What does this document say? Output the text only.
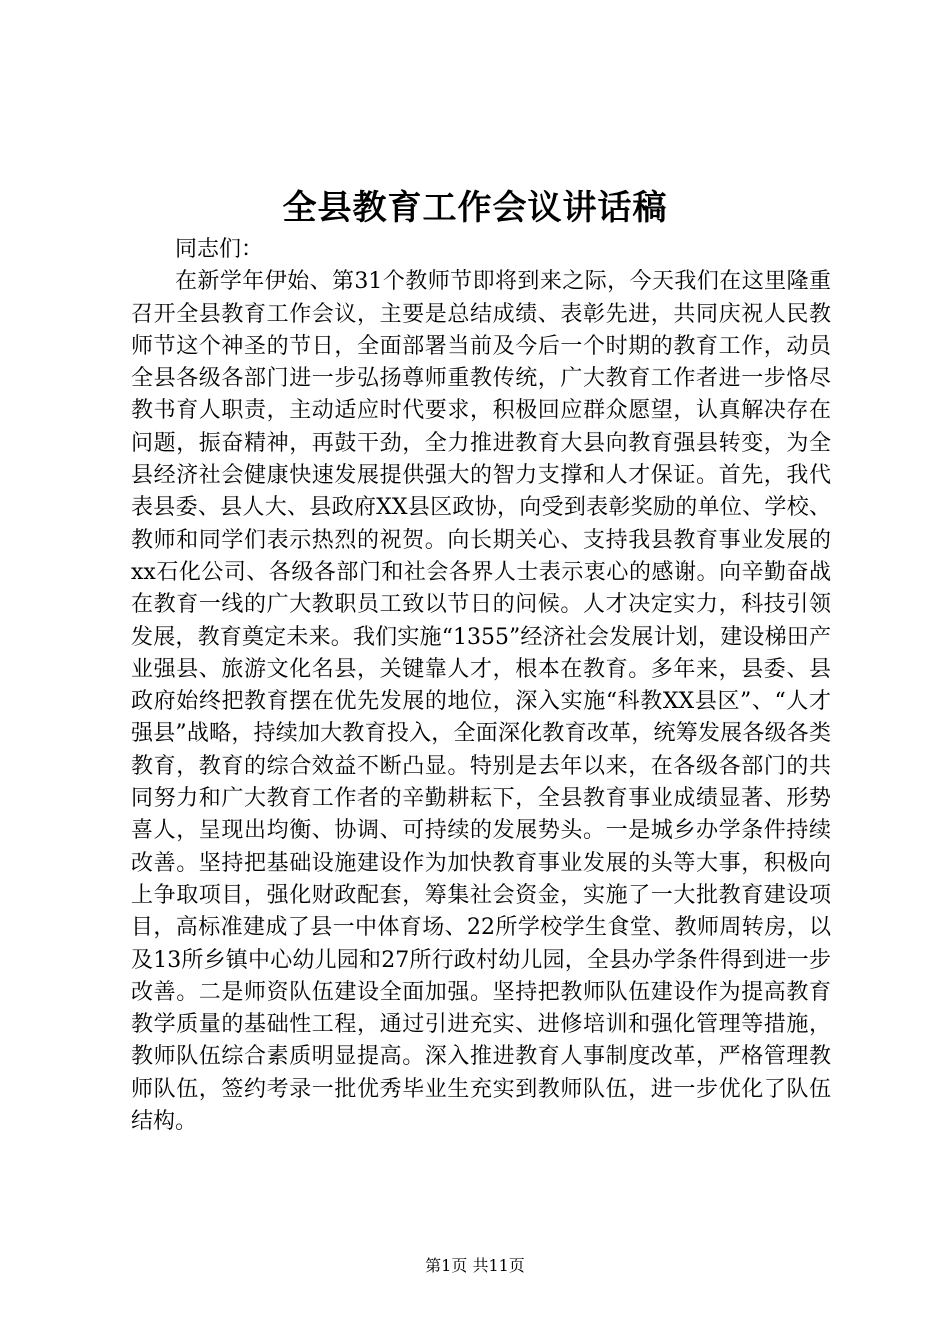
全县教育工作会议讲话稿

同志们：

在新学年伊始、第31个教师节即将到来之际，今天我们在这里隆重召开全县教育工作会议，主要是总结成绩、表彰先进，共同庆祝人民教师节这个神圣的节日，全面部署当前及今后一个时期的教育工作，动员全县各级各部门进一步弘扬尊师重教传统，广大教育工作者进一步恪尽教书育人职责，主动适应时代要求，积极回应群众愿望，认真解决存在问题，振奋精神，再鼓干劲，全力推进教育大县向教育强县转变，为全县经济社会健康快速发展提供强大的智力支撑和人才保证。首先，我代表县委、县人大、县政府XX县区政协，向受到表彰奖励的单位、学校、教师和同学们表示热烈的祝贺。向长期关心、支持我县教育事业发展的xx石化公司、各级各部门和社会各界人士表示衷心的感谢。向辛勤奋战在教育一线的广大教职员工致以节日的问候。人才决定实力，科技引领发展，教育奠定未来。我们实施“1355”经济社会发展计划，建设梯田产业强县、旅游文化名县，关键靠人才，根本在教育。多年来，县委、县政府始终把教育摆在优先发展的地位，深入实施“科教XX县区”、“人才强县”战略，持续加大教育投入，全面深化教育改革，统筹发展各级各类教育，教育的综合效益不断凸显。特别是去年以来，在各级各部门的共同努力和广大教育工作者的辛勤耕耘下，全县教育事业成绩显著、形势喜人，呈现出均衡、协调、可持续的发展势头。一是城乡办学条件持续改善。坚持把基础设施建设作为加快教育事业发展的头等大事，积极向上争取项目，强化财政配套，筹集社会资金，实施了一大批教育建设项目，高标准建成了县一中体育场、22所学校学生食堂、教师周转房，以及13所乡镇中心幼儿园和27所行政村幼儿园，全县办学条件得到进一步改善。二是师资队伍建设全面加强。坚持把教师队伍建设作为提高教育教学质量的基础性工程，通过引进充实、进修培训和强化管理等措施，教师队伍综合素质明显提高。深入推进教育人事制度改革，严格管理教师队伍，签约考录一批优秀毕业生充实到教师队伍，进一步优化了队伍结构。

第1页 共11页
